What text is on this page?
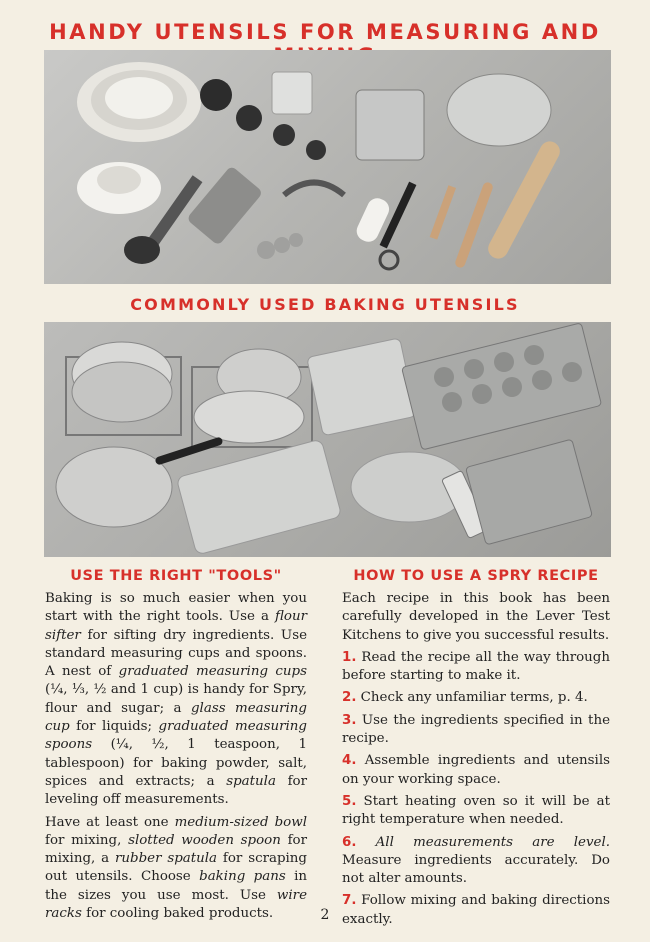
HANDY UTENSILS FOR MEASURING AND
COMMONLY USED BAKING UTENSILS
USE THE RIGHT "TOOLS"

Baking is so much easier when you start with the right tools. Use a flour sifter for sifting dry ingredients. Use standard measuring cups and spoons. A nest of graduated measuring cups (¼, ⅓, ½ and 1 cup) is handy for Spry, flour and sugar; a glass measuring cup for liquids; graduated measuring spoons (¼, ½, 1 teaspoon, 1 tablespoon) for baking powder, salt, spices and extracts; a spatula for leveling off measurements.

Have at least one medium-sized bowl for mixing, slotted wooden spoon for mixing, a rubber spatula for scraping out utensils. Choose baking pans in the sizes you use most. Use wire racks for cooling baked products.

HOW TO USE A SPRY RECIPE

Each recipe in this book has been carefully developed in the Lever Test Kitchens to give you successful results.

1. Read the recipe all the way through before starting to make it.

2. Check any unfamiliar terms, p. 4.

3. Use the ingredients specified in the recipe.

4. Assemble ingredients and utensils on your working space.

5. Start heating oven so it will be at right temperature when needed.

6. All measurements are level. Measure ingredients accurately. Do not alter amounts.

7. Follow mixing and baking directions exactly.

2
